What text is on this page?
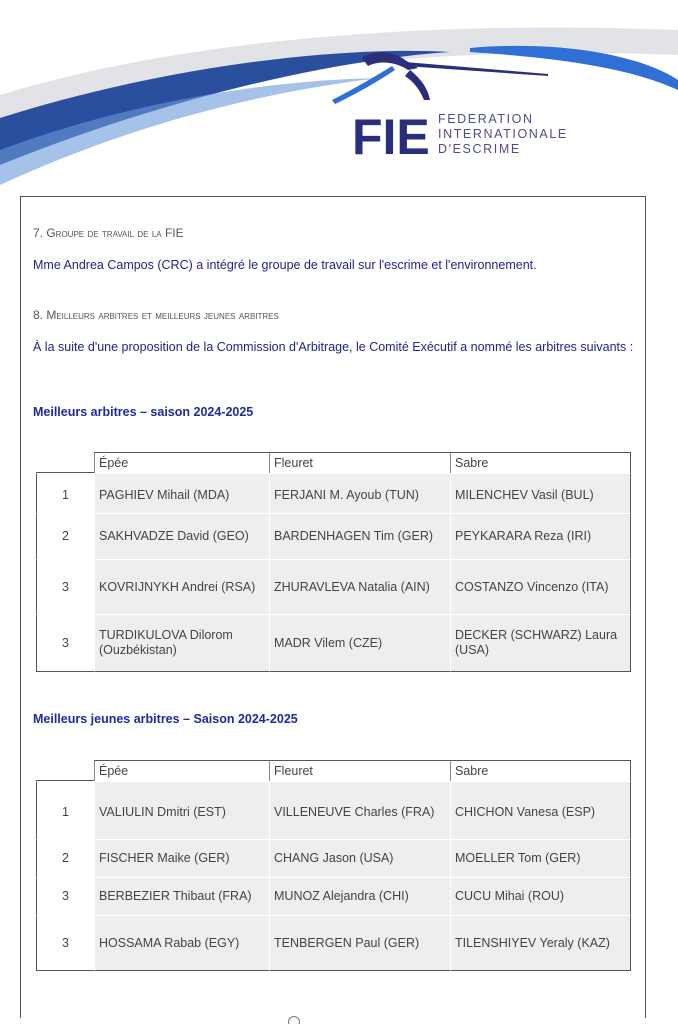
FIE FEDERATION
INTERNATIONALE
D'ESCRIME
7. Groupe de travail de la FIE
Mme Andrea Campos (CRC) a intégré le groupe de travail sur l'escrime et l'environnement.
8. Meilleurs arbitres et meilleurs jeunes arbitres
À la suite d'une proposition de la Commission d'Arbitrage, le Comité Exécutif a nommé les arbitres suivants :
Meilleurs arbitres – saison 2024-2025
	Épée	Fleuret	Sabre
1	PAGHIEV Mihail (MDA)	FERJANI M. Ayoub (TUN)	MILENCHEV Vasil (BUL)
2	SAKHVADZE David (GEO)	BARDENHAGEN Tim (GER)	PEYKARARA Reza (IRI)
3	KOVRIJNYKH Andrei (RSA)	ZHURAVLEVA Natalia (AIN)	COSTANZO Vincenzo (ITA)
3	TURDIKULOVA Dilorom (Ouzbékistan)	MADR Vilem (CZE)	DECKER (SCHWARZ) Laura (USA)
Meilleurs jeunes arbitres – Saison 2024-2025
	Épée	Fleuret	Sabre
1	VALIULIN Dmitri (EST)	VILLENEUVE Charles (FRA)	CHICHON Vanesa (ESP)
2	FISCHER Maike (GER)	CHANG Jason (USA)	MOELLER Tom (GER)
3	BERBEZIER Thibaut (FRA)	MUNOZ Alejandra (CHI)	CUCU Mihai (ROU)
3	HOSSAMA Rabab (EGY)	TENBERGEN Paul (GER)	TILENSHIYEV Yeraly (KAZ)
